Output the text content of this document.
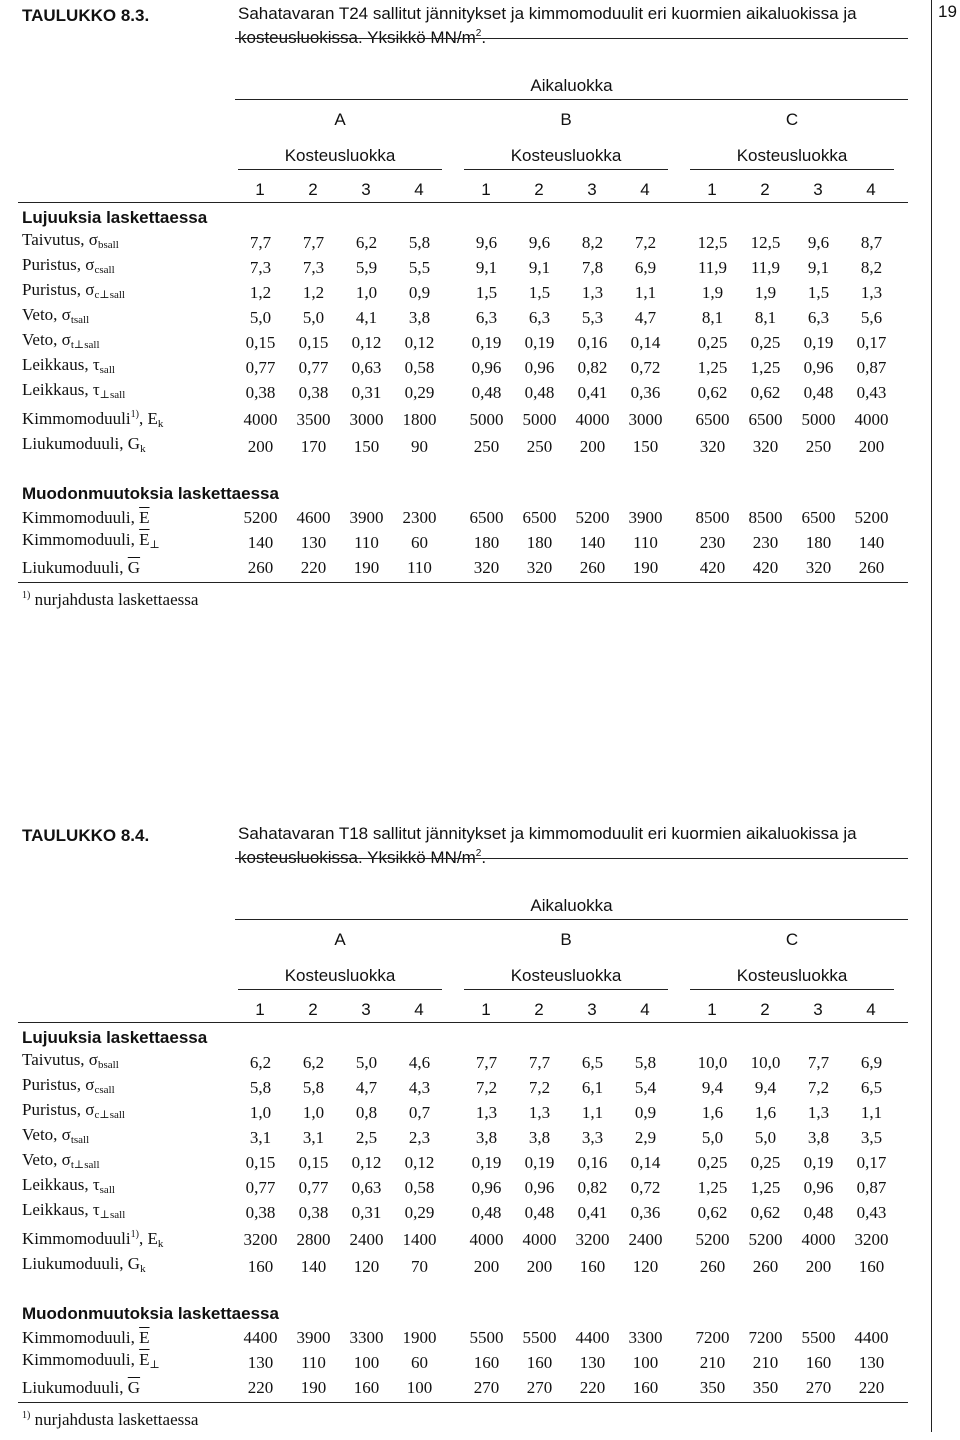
19
TAULUKKO 8.3.	Sahatavaran T24 sallitut jännitykset ja kimmomoduulit eri kuormien aikaluokissa ja
kosteusluokissa. Yksikkö $MN/m^2$.
Aikaluokka
A
Kosteusluokka
B
Kosteusluokka
C
Kosteusluokka
1	2	3	4	1	2	3	4	1	2	3	4
Lujuuksia laskettaessa														
Taivutus, $\sigma_{bsall}$	7,7	7,7	6,2	5,8		9,6	9,6	8,2	7,2		12,5	12,5	9,6	8,7
Puristus, $\sigma_{csall}$	7,3	7,3	5,9	5,5		9,1	9,1	7,8	6,9		11,9	11,9	9,1	8,2
Puristus, $\sigma_{c\perp sall}$	1,2	1,2	1,0	0,9		1,5	1,5	1,3	1,1		1,9	1,9	1,5	1,3
Veto, $\sigma_{tsall}$	5,0	5,0	4,1	3,8		6,3	6,3	5,3	4,7		8,1	8,1	6,3	5,6
Veto, $\sigma_{t\perp sall}$	0,15	0,15	0,12	0,12		0,19	0,19	0,16	0,14		0,25	0,25	0,19	0,17
Leikkaus, $\tau_{sall}$	0,77	0,77	0,63	0,58		0,96	0,96	0,82	0,72		1,25	1,25	0,96	0,87
Leikkaus, $\tau_{\perp sall}$	0,38	0,38	0,31	0,29		0,48	0,48	0,41	0,36		0,62	0,62	0,48	0,43
Kimmomoduuli$^{1)}$, $E_k$	4000	3500	3000	1800		5000	5000	4000	3000		6500	6500	5000	4000
Liukumoduuli, $G_k$	200	170	150	90		250	250	200	150		320	320	250	200
Muodonmuutoksia laskettaessa														
Kimmomoduuli, $\overline{E}$	5200	4600	3900	2300		6500	6500	5200	3900		8500	8500	6500	5200
Kimmomoduuli, $\overline{E}_\perp$	140	130	110	60		180	180	140	110		230	230	180	140
Liukumoduuli, $\overline{G}$	260	220	190	110		320	320	260	190		420	420	320	260
$^{1)}$ nurjahdusta laskettaessa
TAULUKKO 8.4.	Sahatavaran T18 sallitut jännitykset ja kimmomoduulit eri kuormien aikaluokissa ja
kosteusluokissa. Yksikkö $MN/m^2$.
Aikaluokka
A
Kosteusluokka
B
Kosteusluokka
C
Kosteusluokka
1	2	3	4	1	2	3	4	1	2	3	4
Lujuuksia laskettaessa														
Taivutus, $\sigma_{bsall}$	6,2	6,2	5,0	4,6		7,7	7,7	6,5	5,8		10,0	10,0	7,7	6,9
Puristus, $\sigma_{csall}$	5,8	5,8	4,7	4,3		7,2	7,2	6,1	5,4		9,4	9,4	7,2	6,5
Puristus, $\sigma_{c\perp sall}$	1,0	1,0	0,8	0,7		1,3	1,3	1,1	0,9		1,6	1,6	1,3	1,1
Veto, $\sigma_{tsall}$	3,1	3,1	2,5	2,3		3,8	3,8	3,3	2,9		5,0	5,0	3,8	3,5
Veto, $\sigma_{t\perp sall}$	0,15	0,15	0,12	0,12		0,19	0,19	0,16	0,14		0,25	0,25	0,19	0,17
Leikkaus, $\tau_{sall}$	0,77	0,77	0,63	0,58		0,96	0,96	0,82	0,72		1,25	1,25	0,96	0,87
Leikkaus, $\tau_{\perp sall}$	0,38	0,38	0,31	0,29		0,48	0,48	0,41	0,36		0,62	0,62	0,48	0,43
Kimmomoduuli$^{1)}$, $E_k$	3200	2800	2400	1400		4000	4000	3200	2400		5200	5200	4000	3200
Liukumoduuli, $G_k$	160	140	120	70		200	200	160	120		260	260	200	160
Muodonmuutoksia laskettaessa														
Kimmomoduuli, $\overline{E}$	4400	3900	3300	1900		5500	5500	4400	3300		7200	7200	5500	4400
Kimmomoduuli, $\overline{E}_\perp$	130	110	100	60		160	160	130	100		210	210	160	130
Liukumoduuli, $\overline{G}$	220	190	160	100		270	270	220	160		350	350	270	220
$^{1)}$ nurjahdusta laskettaessa
